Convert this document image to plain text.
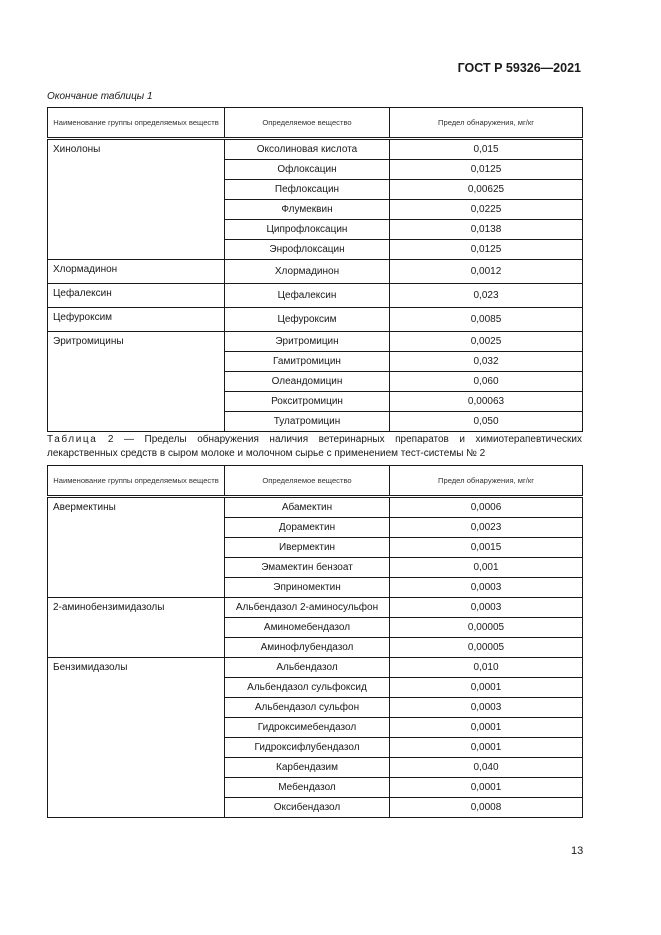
ГОСТ Р 59326—2021
Окончание таблицы 1
Наименование группы определяемых веществ	Определяемое вещество	Предел обнаружения, мг/кг
Хинолоны	Оксолиновая кислота	0,015
	Офлоксацин	0,0125
	Пефлоксацин	0,00625
	Флумеквин	0,0225
	Ципрофлоксацин	0,0138
	Энрофлоксацин	0,0125
Хлормадинон	Хлормадинон	0,0012
Цефалексин	Цефалексин	0,023
Цефуроксим	Цефуроксим	0,0085
Эритромицины	Эритромицин	0,0025
	Гамитромицин	0,032
	Олеандомицин	0,060
	Рокситромицин	0,00063
	Тулатромицин	0,050
Таблица 2 — Пределы обнаружения наличия ветеринарных препаратов и химиотерапевтических лекарственных средств в сыром молоке и молочном сырье с применением тест-системы № 2
Наименование группы определяемых веществ	Определяемое вещество	Предел обнаружения, мг/кг
Авермектины	Абамектин	0,0006
	Дорамектин	0,0023
	Ивермектин	0,0015
	Эмамектин бензоат	0,001
	Эприномектин	0,0003
2-аминобензимидазолы	Альбендазол 2-аминосульфон	0,0003
	Аминомебендазол	0,00005
	Аминофлубендазол	0,00005
Бензимидазолы	Альбендазол	0,010
	Альбендазол сульфоксид	0,0001
	Альбендазол сульфон	0,0003
	Гидроксимебендазол	0,0001
	Гидроксифлубендазол	0,0001
	Карбендазим	0,040
	Мебендазол	0,0001
	Оксибендазол	0,0008
13
